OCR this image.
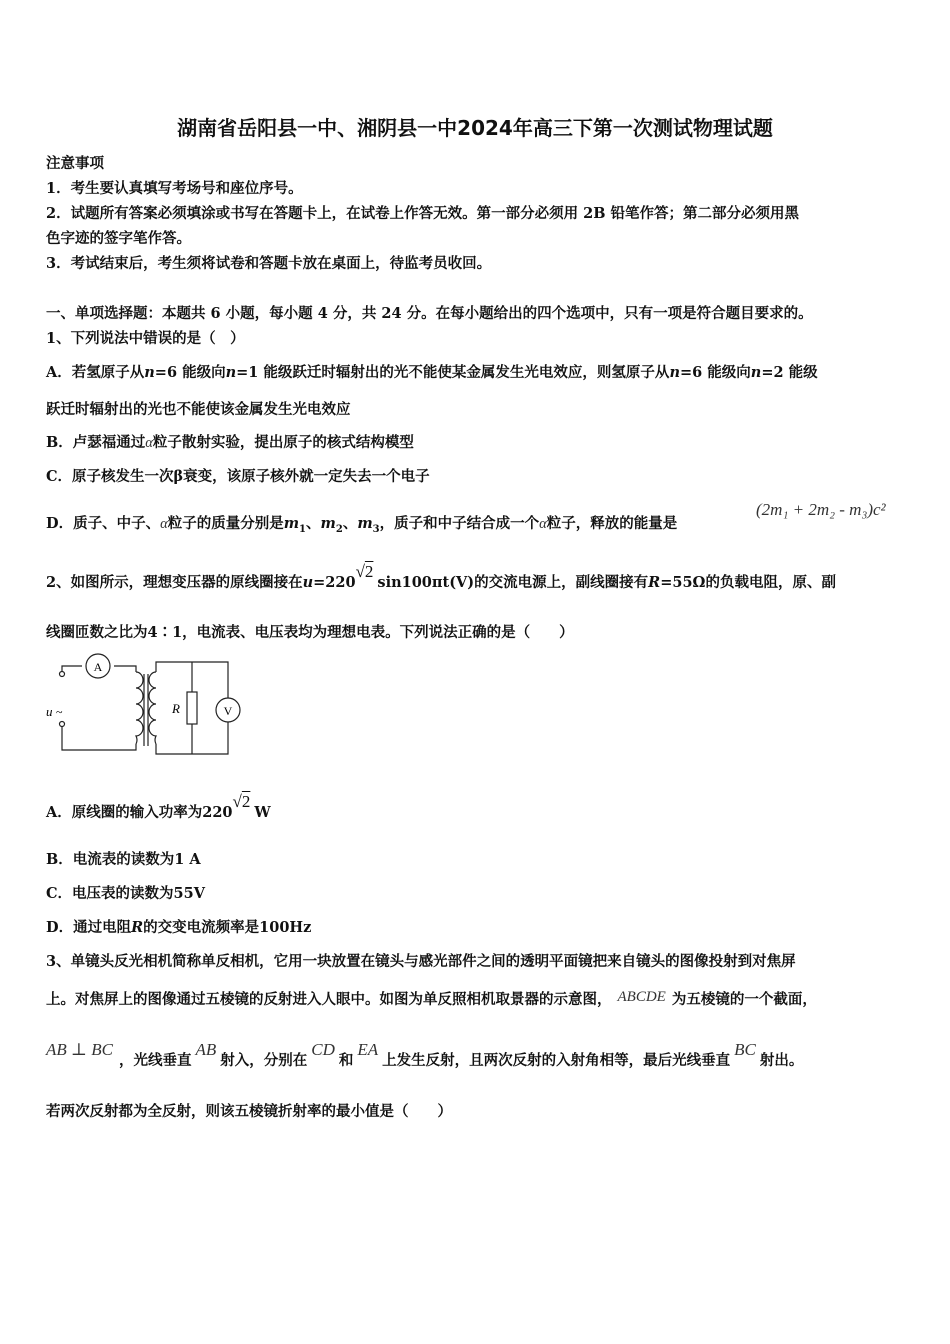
湖南省岳阳县一中、湘阴县一中2024年高三下第一次测试物理试题
注意事项
1．考生要认真填写考场号和座位序号。
2．试题所有答案必须填涂或书写在答题卡上，在试卷上作答无效。第一部分必须用 2B 铅笔作答；第二部分必须用黑
色字迹的签字笔作答。
3．考试结束后，考生须将试卷和答题卡放在桌面上，待监考员收回。
一、单项选择题：本题共 6 小题，每小题 4 分，共 24 分。在每小题给出的四个选项中，只有一项是符合题目要求的。
1、下列说法中错误的是（　）
A．若氢原子从n=6 能级向n=1 能级跃迁时辐射出的光不能使某金属发生光电效应，则氢原子从n=6 能级向n=2 能级
跃迁时辐射出的光也不能使该金属发生光电效应
B．卢瑟福通过α粒子散射实验，提出原子的核式结构模型
C．原子核发生一次β衰变，该原子核外就一定失去一个电子
D．质子、中子、α粒子的质量分别是$m_1$、$m_2$、$m_3$，质子和中子结合成一个α粒子，释放的能量是
(2m₁ + 2m₂ - m₃)c²
2、如图所示，理想变压器的原线圈接在u=220√2sin100πt(V)的交流电源上，副线圈接有R=55Ω的负载电阻，原、副
线圈匝数之比为4∶1，电流表、电压表均为理想电表。下列说法正确的是（　　）
A
V
R
u ~
A．原线圈的输入功率为220√2W
B．电流表的读数为1 A
C．电压表的读数为55V
D．通过电阻R的交变电流频率是100Hz
3、单镜头反光相机简称单反相机，它用一块放置在镜头与感光部件之间的透明平面镜把来自镜头的图像投射到对焦屏
上。对焦屏上的图像通过五棱镜的反射进入人眼中。如图为单反照相机取景器的示意图， ABCDE 为五棱镜的一个截面，
AB ⊥ BC，光线垂直AB射入，分别在CD和EA上发生反射，且两次反射的入射角相等，最后光线垂直BC射出。
若两次反射都为全反射，则该五棱镜折射率的最小值是（　　）
